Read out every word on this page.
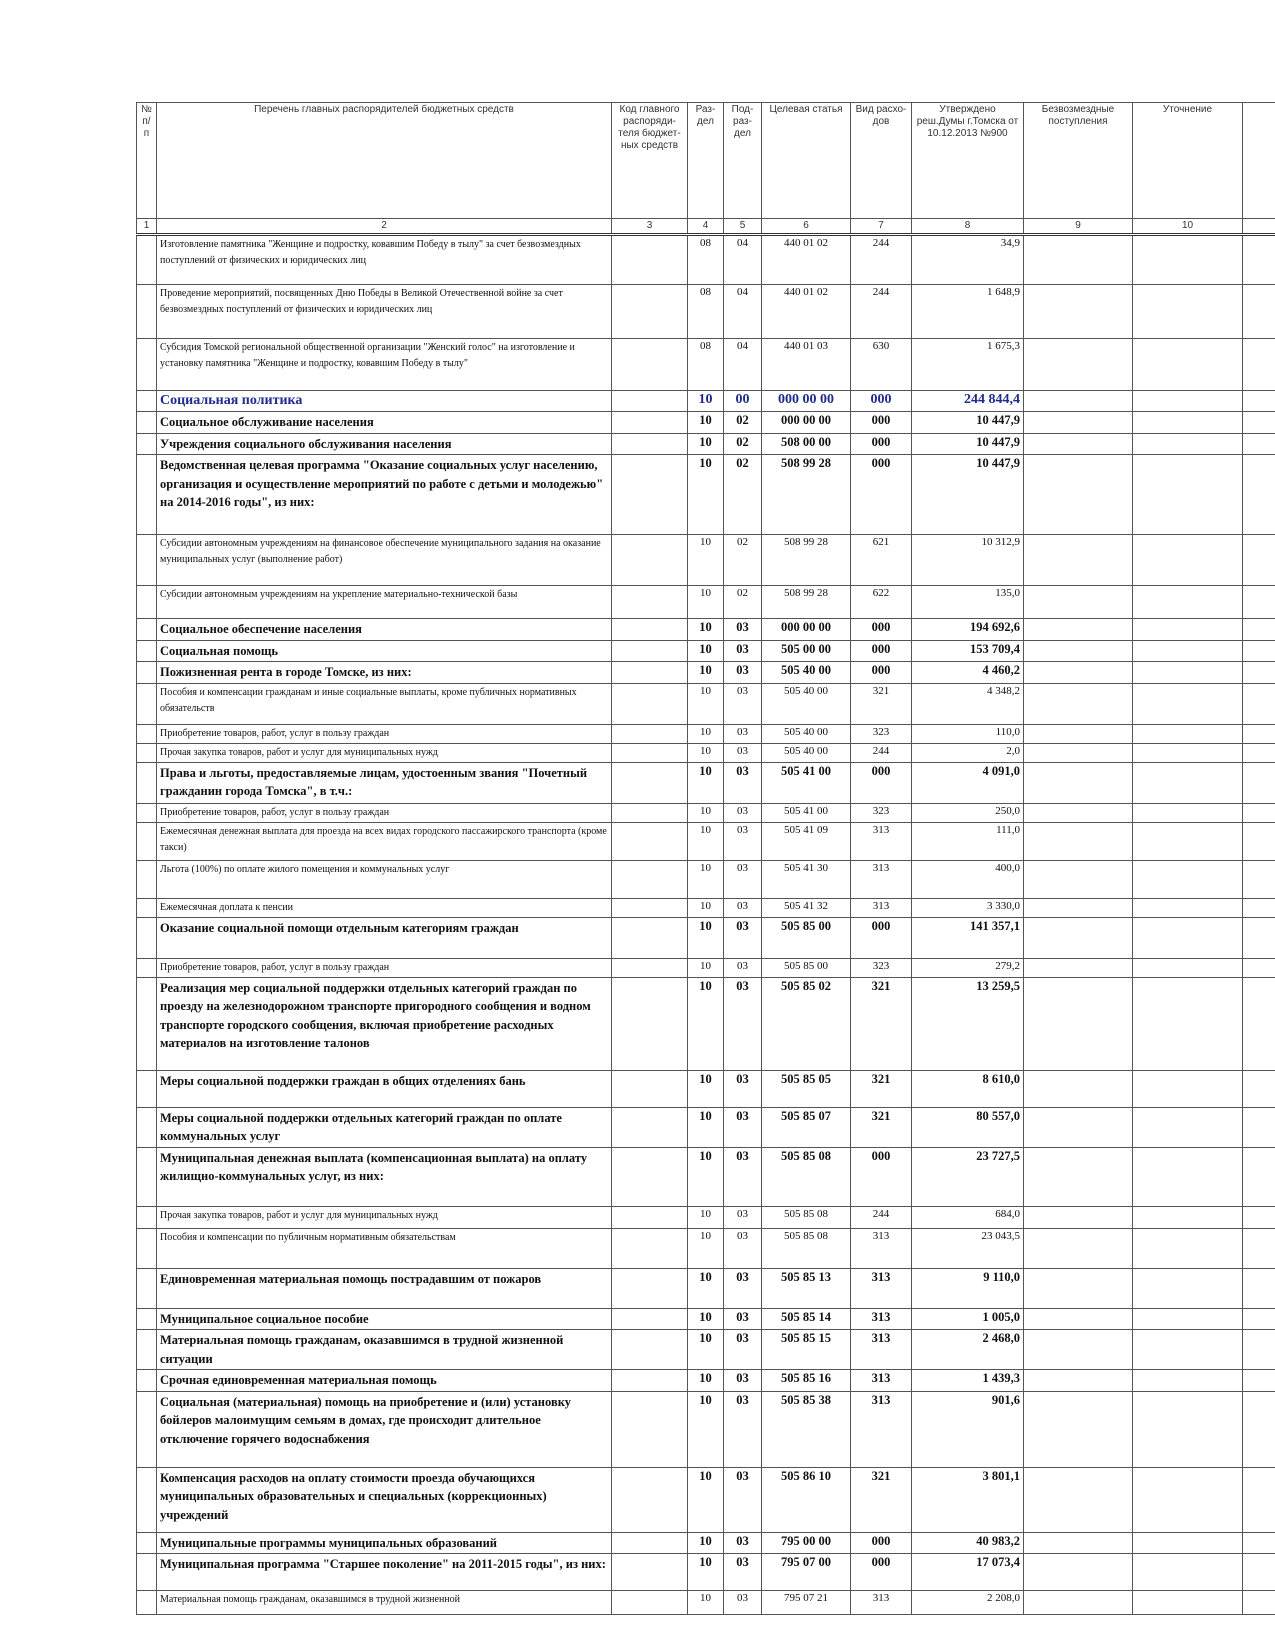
№ п/п	Перечень главных распорядителей бюджетных средств	Код главного распоряди-теля бюджет-ных средств	Раз-дел	Под-раз-дел	Целевая статья	Вид расхо-дов	Утверждено реш.Думы г.Томска от 10.12.2013 №900	Безвозмездные поступления	Уточнение	
1	2	3	4	5	6	7	8	9	10	
	Изготовление памятника "Женщине и подростку, ковавшим Победу в тылу" за счет безвозмездных поступлений от физических и юридических лиц		08	04	440 01 02	244	34,9			
	Проведение мероприятий, посвященных Дню Победы в Великой Отечественной войне за счет безвозмездных поступлений от физических и юридических лиц		08	04	440 01 02	244	1 648,9			
	Субсидия Томской региональной общественной организации "Женский голос" на изготовление и установку памятника "Женщине и подростку, ковавшим Победу в тылу"		08	04	440 01 03	630	1 675,3			
	Социальная политика		10	00	000 00 00	000	244 844,4			
	Социальное обслуживание населения		10	02	000 00 00	000	10 447,9			
	Учреждения социального обслуживания населения		10	02	508 00 00	000	10 447,9			
	Ведомственная целевая программа "Оказание социальных услуг населению, организация и осуществление мероприятий по работе с детьми и молодежью" на 2014-2016 годы", из них:		10	02	508 99 28	000	10 447,9			
	Субсидии автономным учреждениям на финансовое обеспечение муниципального задания на оказание муниципальных услуг (выполнение работ)		10	02	508 99 28	621	10 312,9			
	Субсидии автономным учреждениям на укрепление материально-технической базы		10	02	508 99 28	622	135,0			
	Социальное обеспечение населения		10	03	000 00 00	000	194 692,6			
	Социальная помощь		10	03	505 00 00	000	153 709,4			
	Пожизненная рента в городе Томске, из них:		10	03	505 40 00	000	4 460,2			
	Пособия и компенсации гражданам и иные социальные выплаты, кроме публичных нормативных обязательств		10	03	505 40 00	321	4 348,2			
	Приобретение товаров, работ, услуг в пользу граждан		10	03	505 40 00	323	110,0			
	Прочая закупка товаров, работ и услуг для муниципальных нужд		10	03	505 40 00	244	2,0			
	Права и льготы, предоставляемые лицам, удостоенным звания "Почетный гражданин города Томска", в т.ч.:		10	03	505 41 00	000	4 091,0			
	Приобретение товаров, работ, услуг в пользу граждан		10	03	505 41 00	323	250,0			
	Ежемесячная денежная выплата для проезда на всех видах городского пассажирского транспорта (кроме такси)		10	03	505 41 09	313	111,0			
	Льгота (100%) по оплате жилого помещения и коммунальных услуг		10	03	505 41 30	313	400,0			
	Ежемесячная доплата к пенсии		10	03	505 41 32	313	3 330,0			
	Оказание социальной помощи отдельным категориям граждан		10	03	505 85 00	000	141 357,1			
	Приобретение товаров, работ, услуг в пользу граждан		10	03	505 85 00	323	279,2			
	Реализация мер социальной поддержки отдельных категорий граждан по проезду на железнодорожном транспорте пригородного сообщения и водном транспорте городского сообщения, включая приобретение расходных материалов на изготовление талонов		10	03	505 85 02	321	13 259,5			
	Меры социальной поддержки граждан в общих отделениях бань		10	03	505 85 05	321	8 610,0			
	Меры социальной поддержки отдельных категорий граждан по оплате коммунальных услуг		10	03	505 85 07	321	80 557,0			
	Муниципальная денежная выплата (компенсационная выплата) на оплату жилищно-коммунальных услуг, из них:		10	03	505 85 08	000	23 727,5			
	Прочая закупка товаров, работ и услуг для муниципальных нужд		10	03	505 85 08	244	684,0			
	Пособия и компенсации по публичным нормативным обязательствам		10	03	505 85 08	313	23 043,5			
	Единовременная материальная помощь пострадавшим от пожаров		10	03	505 85 13	313	9 110,0			
	Муниципальное социальное пособие		10	03	505 85 14	313	1 005,0			
	Материальная помощь гражданам, оказавшимся в трудной жизненной ситуации		10	03	505 85 15	313	2 468,0			
	Срочная единовременная материальная помощь		10	03	505 85 16	313	1 439,3			
	Социальная (материальная) помощь на приобретение и (или) установку бойлеров малоимущим семьям в домах, где происходит длительное отключение горячего водоснабжения		10	03	505 85 38	313	901,6			
	Компенсация расходов на оплату стоимости проезда обучающихся муниципальных образовательных и специальных (коррекционных) учреждений		10	03	505 86 10	321	3 801,1			
	Муниципальные программы муниципальных образований		10	03	795 00 00	000	40 983,2			
	Муниципальная программа "Старшее поколение" на 2011-2015 годы", из них:		10	03	795 07 00	000	17 073,4			
	Материальная помощь гражданам, оказавшимся в трудной жизненной		10	03	795 07 21	313	2 208,0			
